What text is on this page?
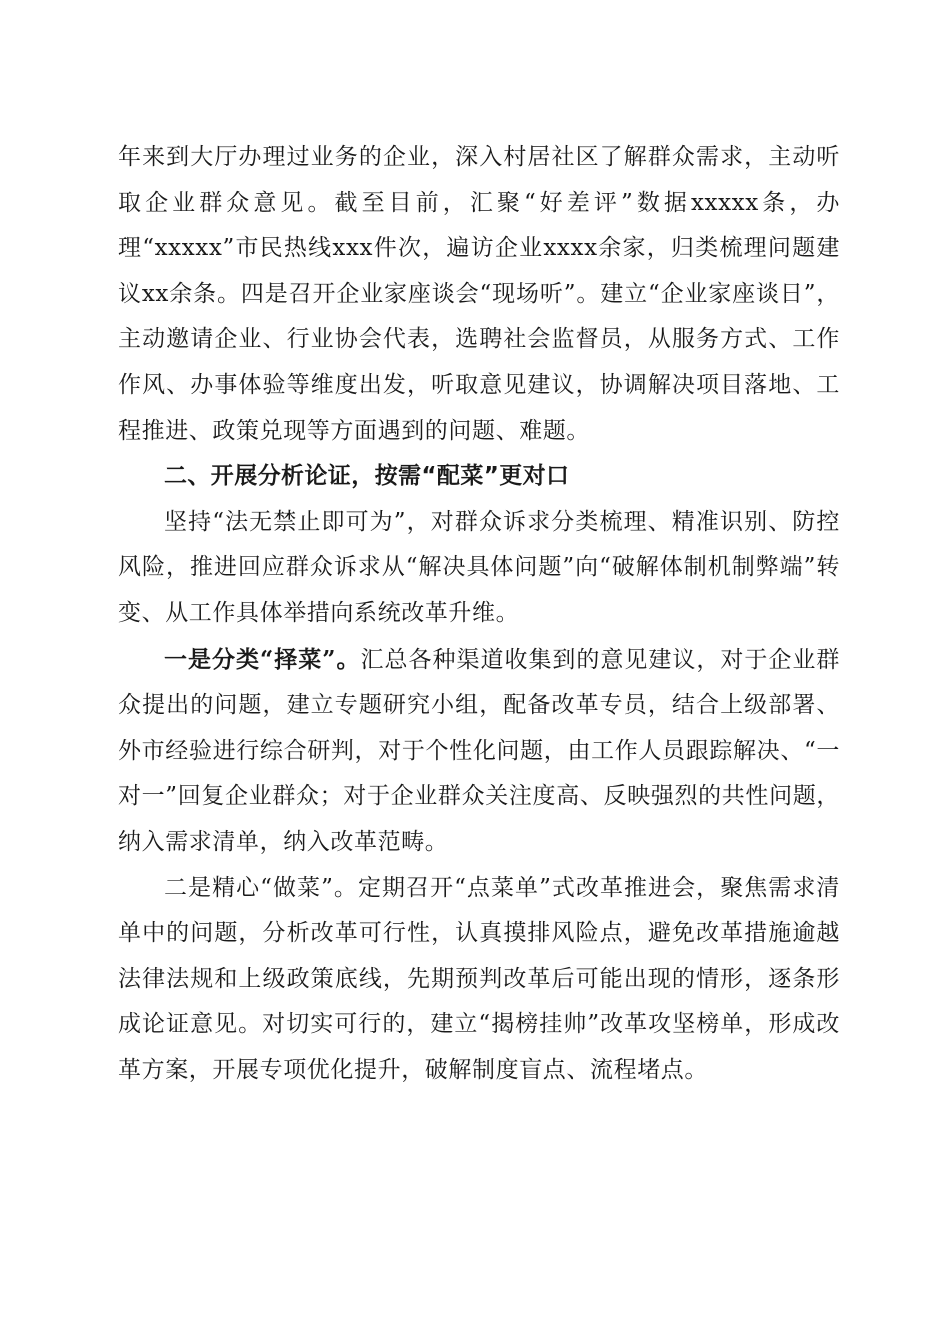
年来到大厅办理过业务的企业，深入村居社区了解群众需求，主动听取企业群众意见。截至目前，汇聚“好差评”数据xxxxx条，办理“xxxxx”市民热线xxx件次，遍访企业xxxx余家，归类梳理问题建议xx余条。四是召开企业家座谈会“现场听”。建立“企业家座谈日”，主动邀请企业、行业协会代表，选聘社会监督员，从服务方式、工作作风、办事体验等维度出发，听取意见建议，协调解决项目落地、工程推进、政策兑现等方面遇到的问题、难题。

二、开展分析论证，按需“配菜”更对口

坚持“法无禁止即可为”，对群众诉求分类梳理、精准识别、防控风险，推进回应群众诉求从“解决具体问题”向“破解体制机制弊端”转变、从工作具体举措向系统改革升维。

一是分类“择菜”。汇总各种渠道收集到的意见建议，对于企业群众提出的问题，建立专题研究小组，配备改革专员，结合上级部署、外市经验进行综合研判，对于个性化问题，由工作人员跟踪解决、“一对一”回复企业群众；对于企业群众关注度高、反映强烈的共性问题，纳入需求清单，纳入改革范畴。

二是精心“做菜”。定期召开“点菜单”式改革推进会，聚焦需求清单中的问题，分析改革可行性，认真摸排风险点，避免改革措施逾越法律法规和上级政策底线，先期预判改革后可能出现的情形，逐条形成论证意见。对切实可行的，建立“揭榜挂帅”改革攻坚榜单，形成改革方案，开展专项优化提升，破解制度盲点、流程堵点。
